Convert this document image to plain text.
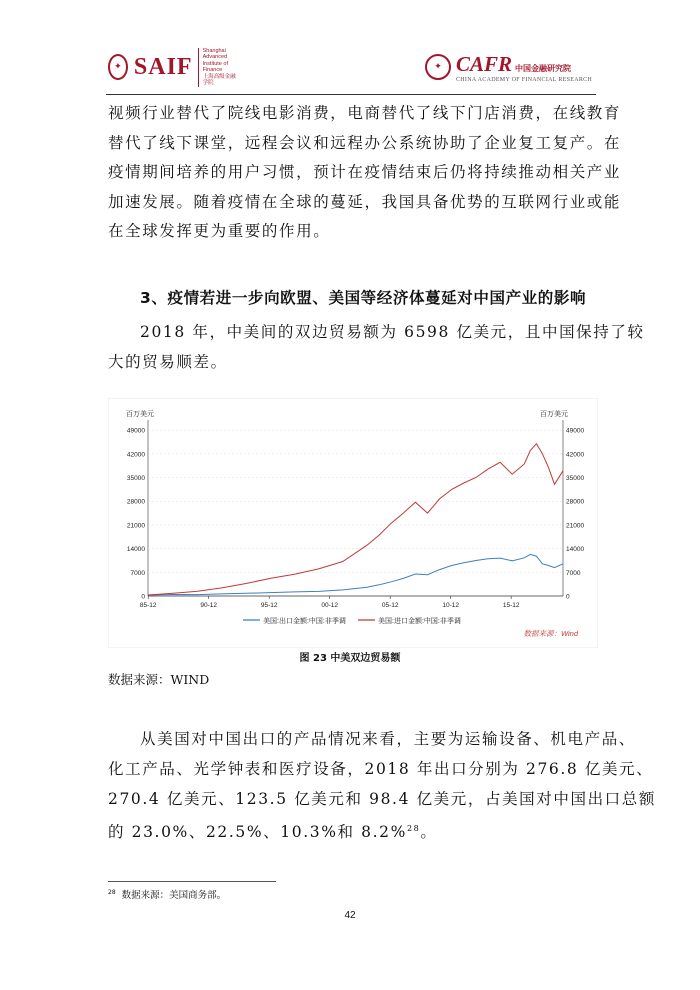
✦ SAIF
Shanghai Advanced
Institute of Finance
上海高级金融学院
✦ CAFR 中国金融研究院
CHINA ACADEMY OF FINANCIAL RESEARCH
视频行业替代了院线电影消费，电商替代了线下门店消费，在线教育
替代了线下课堂，远程会议和远程办公系统协助了企业复工复产。在
疫情期间培养的用户习惯，预计在疫情结束后仍将持续推动相关产业
加速发展。随着疫情在全球的蔓延，我国具备优势的互联网行业或能
在全球发挥更为重要的作用。
3、疫情若进一步向欧盟、美国等经济体蔓延对中国产业的影响
2018 年，中美间的双边贸易额为 6598 亿美元，且中国保持了较
大的贸易顺差。
百万美元	百万美元
0
7000
14000
21000
28000
35000
42000
49000
0
7000
14000
21000
28000
35000
42000
49000
85-12	90-12	95-12	00-12	05-12	10-12	15-12
美国:出口金额:中国:非季调	美国:进口金额:中国:非季调
数据来源：Wind
图 23 中美双边贸易额
数据来源：WIND
从美国对中国出口的产品情况来看，主要为运输设备、机电产品、
化工产品、光学钟表和医疗设备，2018 年出口分别为 276.8 亿美元、
270.4 亿美元、123.5 亿美元和 98.4 亿美元，占美国对中国出口总额
的 23.0%、22.5%、10.3%和 8.2%$^{28}$。
$^{28}$ 数据来源：美国商务部。
42
